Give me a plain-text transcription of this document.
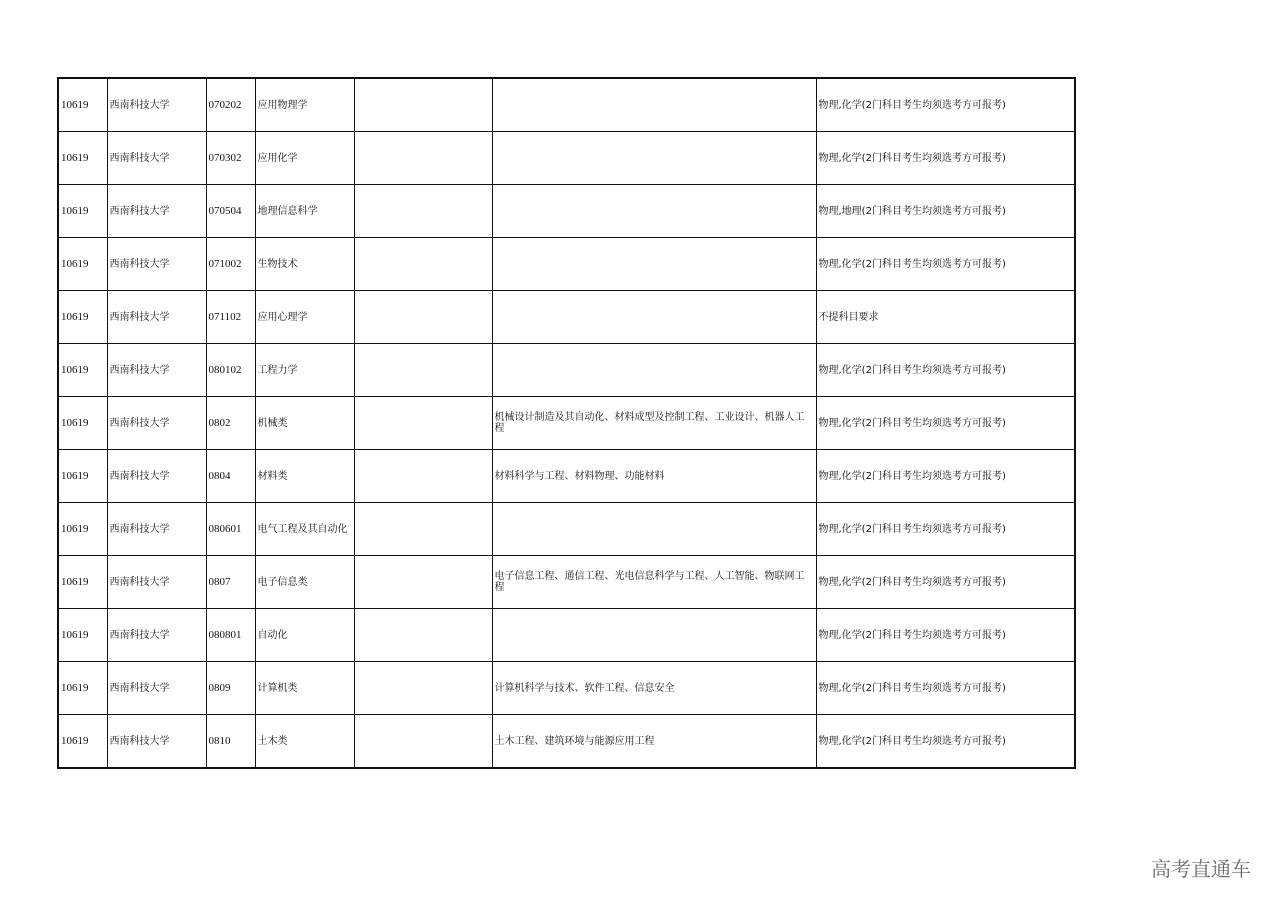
10619	西南科技大学	070202	应用物理学			物理,化学(2门科目考生均须选考方可报考)
10619	西南科技大学	070302	应用化学			物理,化学(2门科目考生均须选考方可报考)
10619	西南科技大学	070504	地理信息科学			物理,地理(2门科目考生均须选考方可报考)
10619	西南科技大学	071002	生物技术			物理,化学(2门科目考生均须选考方可报考)
10619	西南科技大学	071102	应用心理学			不提科目要求
10619	西南科技大学	080102	工程力学			物理,化学(2门科目考生均须选考方可报考)
10619	西南科技大学	0802	机械类		机械设计制造及其自动化、材料成型及控制工程、工业设计、机器人工程	物理,化学(2门科目考生均须选考方可报考)
10619	西南科技大学	0804	材料类		材料科学与工程、材料物理、功能材料	物理,化学(2门科目考生均须选考方可报考)
10619	西南科技大学	080601	电气工程及其自动化			物理,化学(2门科目考生均须选考方可报考)
10619	西南科技大学	0807	电子信息类		电子信息工程、通信工程、光电信息科学与工程、人工智能、物联网工程	物理,化学(2门科目考生均须选考方可报考)
10619	西南科技大学	080801	自动化			物理,化学(2门科目考生均须选考方可报考)
10619	西南科技大学	0809	计算机类		计算机科学与技术、软件工程、信息安全	物理,化学(2门科目考生均须选考方可报考)
10619	西南科技大学	0810	土木类		土木工程、建筑环境与能源应用工程	物理,化学(2门科目考生均须选考方可报考)
高考直通车
